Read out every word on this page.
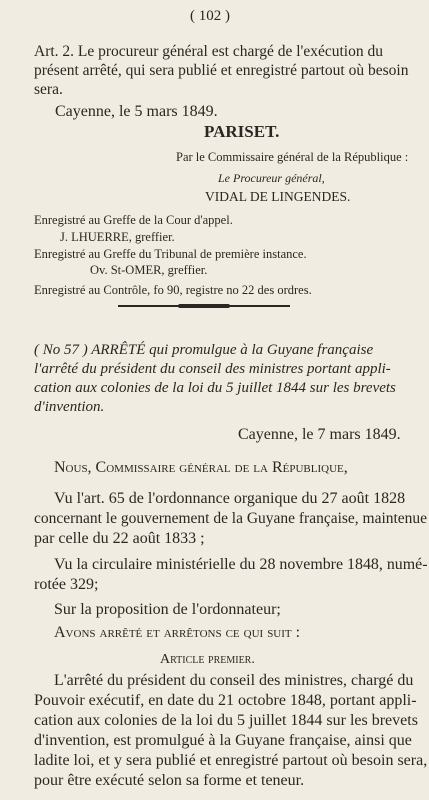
( 102 )
Art. 2. Le procureur général est chargé de l'exécution du
présent arrêté, qui sera publié et enregistré partout où besoin
sera.
Cayenne, le 5 mars 1849.
PARISET.
Par le Commissaire général de la République :
Le Procureur général,
VIDAL DE LINGENDES.
Enregistré au Greffe de la Cour d'appel.
J. LHUERRE, greffier.
Enregistré au Greffe du Tribunal de première instance.
Ov. St-OMER, greffier.
Enregistré au Contrôle, fo 90, registre no 22 des ordres.
( No 57 ) ARRÊTÉ qui promulgue à la Guyane française
l'arrêté du président du conseil des ministres portant appli-
cation aux colonies de la loi du 5 juillet 1844 sur les brevets
d'invention.
Cayenne, le 7 mars 1849.
Nous, Commissaire général de la République,
Vu l'art. 65 de l'ordonnance organique du 27 août 1828
concernant le gouvernement de la Guyane française, maintenue
par celle du 22 août 1833 ;
Vu la circulaire ministérielle du 28 novembre 1848, numé-
rotée 329;
Sur la proposition de l'ordonnateur;
Avons arrêté et arrêtons ce qui suit :
Article premier.
L'arrêté du président du conseil des ministres, chargé du
Pouvoir exécutif, en date du 21 octobre 1848, portant appli-
cation aux colonies de la loi du 5 juillet 1844 sur les brevets
d'invention, est promulgué à la Guyane française, ainsi que
ladite loi, et y sera publié et enregistré partout où besoin sera,
pour être exécuté selon sa forme et teneur.
